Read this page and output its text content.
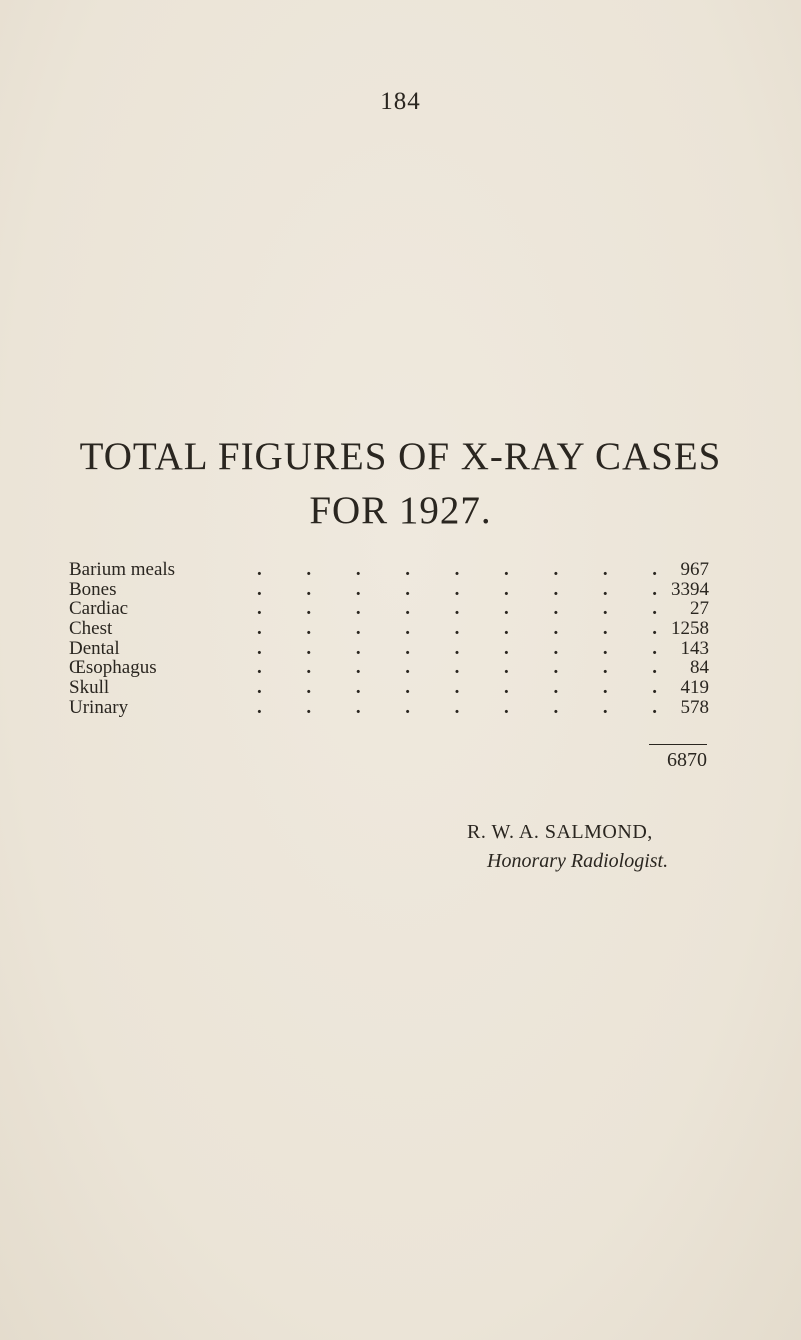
184
TOTAL FIGURES OF X-RAY CASES
FOR 1927.
Barium meals	. . . . . . . . . 967
Bones	. . . . . . . . . 3394
Cardiac	. . . . . . . . . 27
Chest	. . . . . . . . . 1258
Dental	. . . . . . . . . 143
Œsophagus	. . . . . . . . . 84
Skull	. . . . . . . . . 419
Urinary	. . . . . . . . . 578
6870
R. W. A. SALMOND,
Honorary Radiologist.
